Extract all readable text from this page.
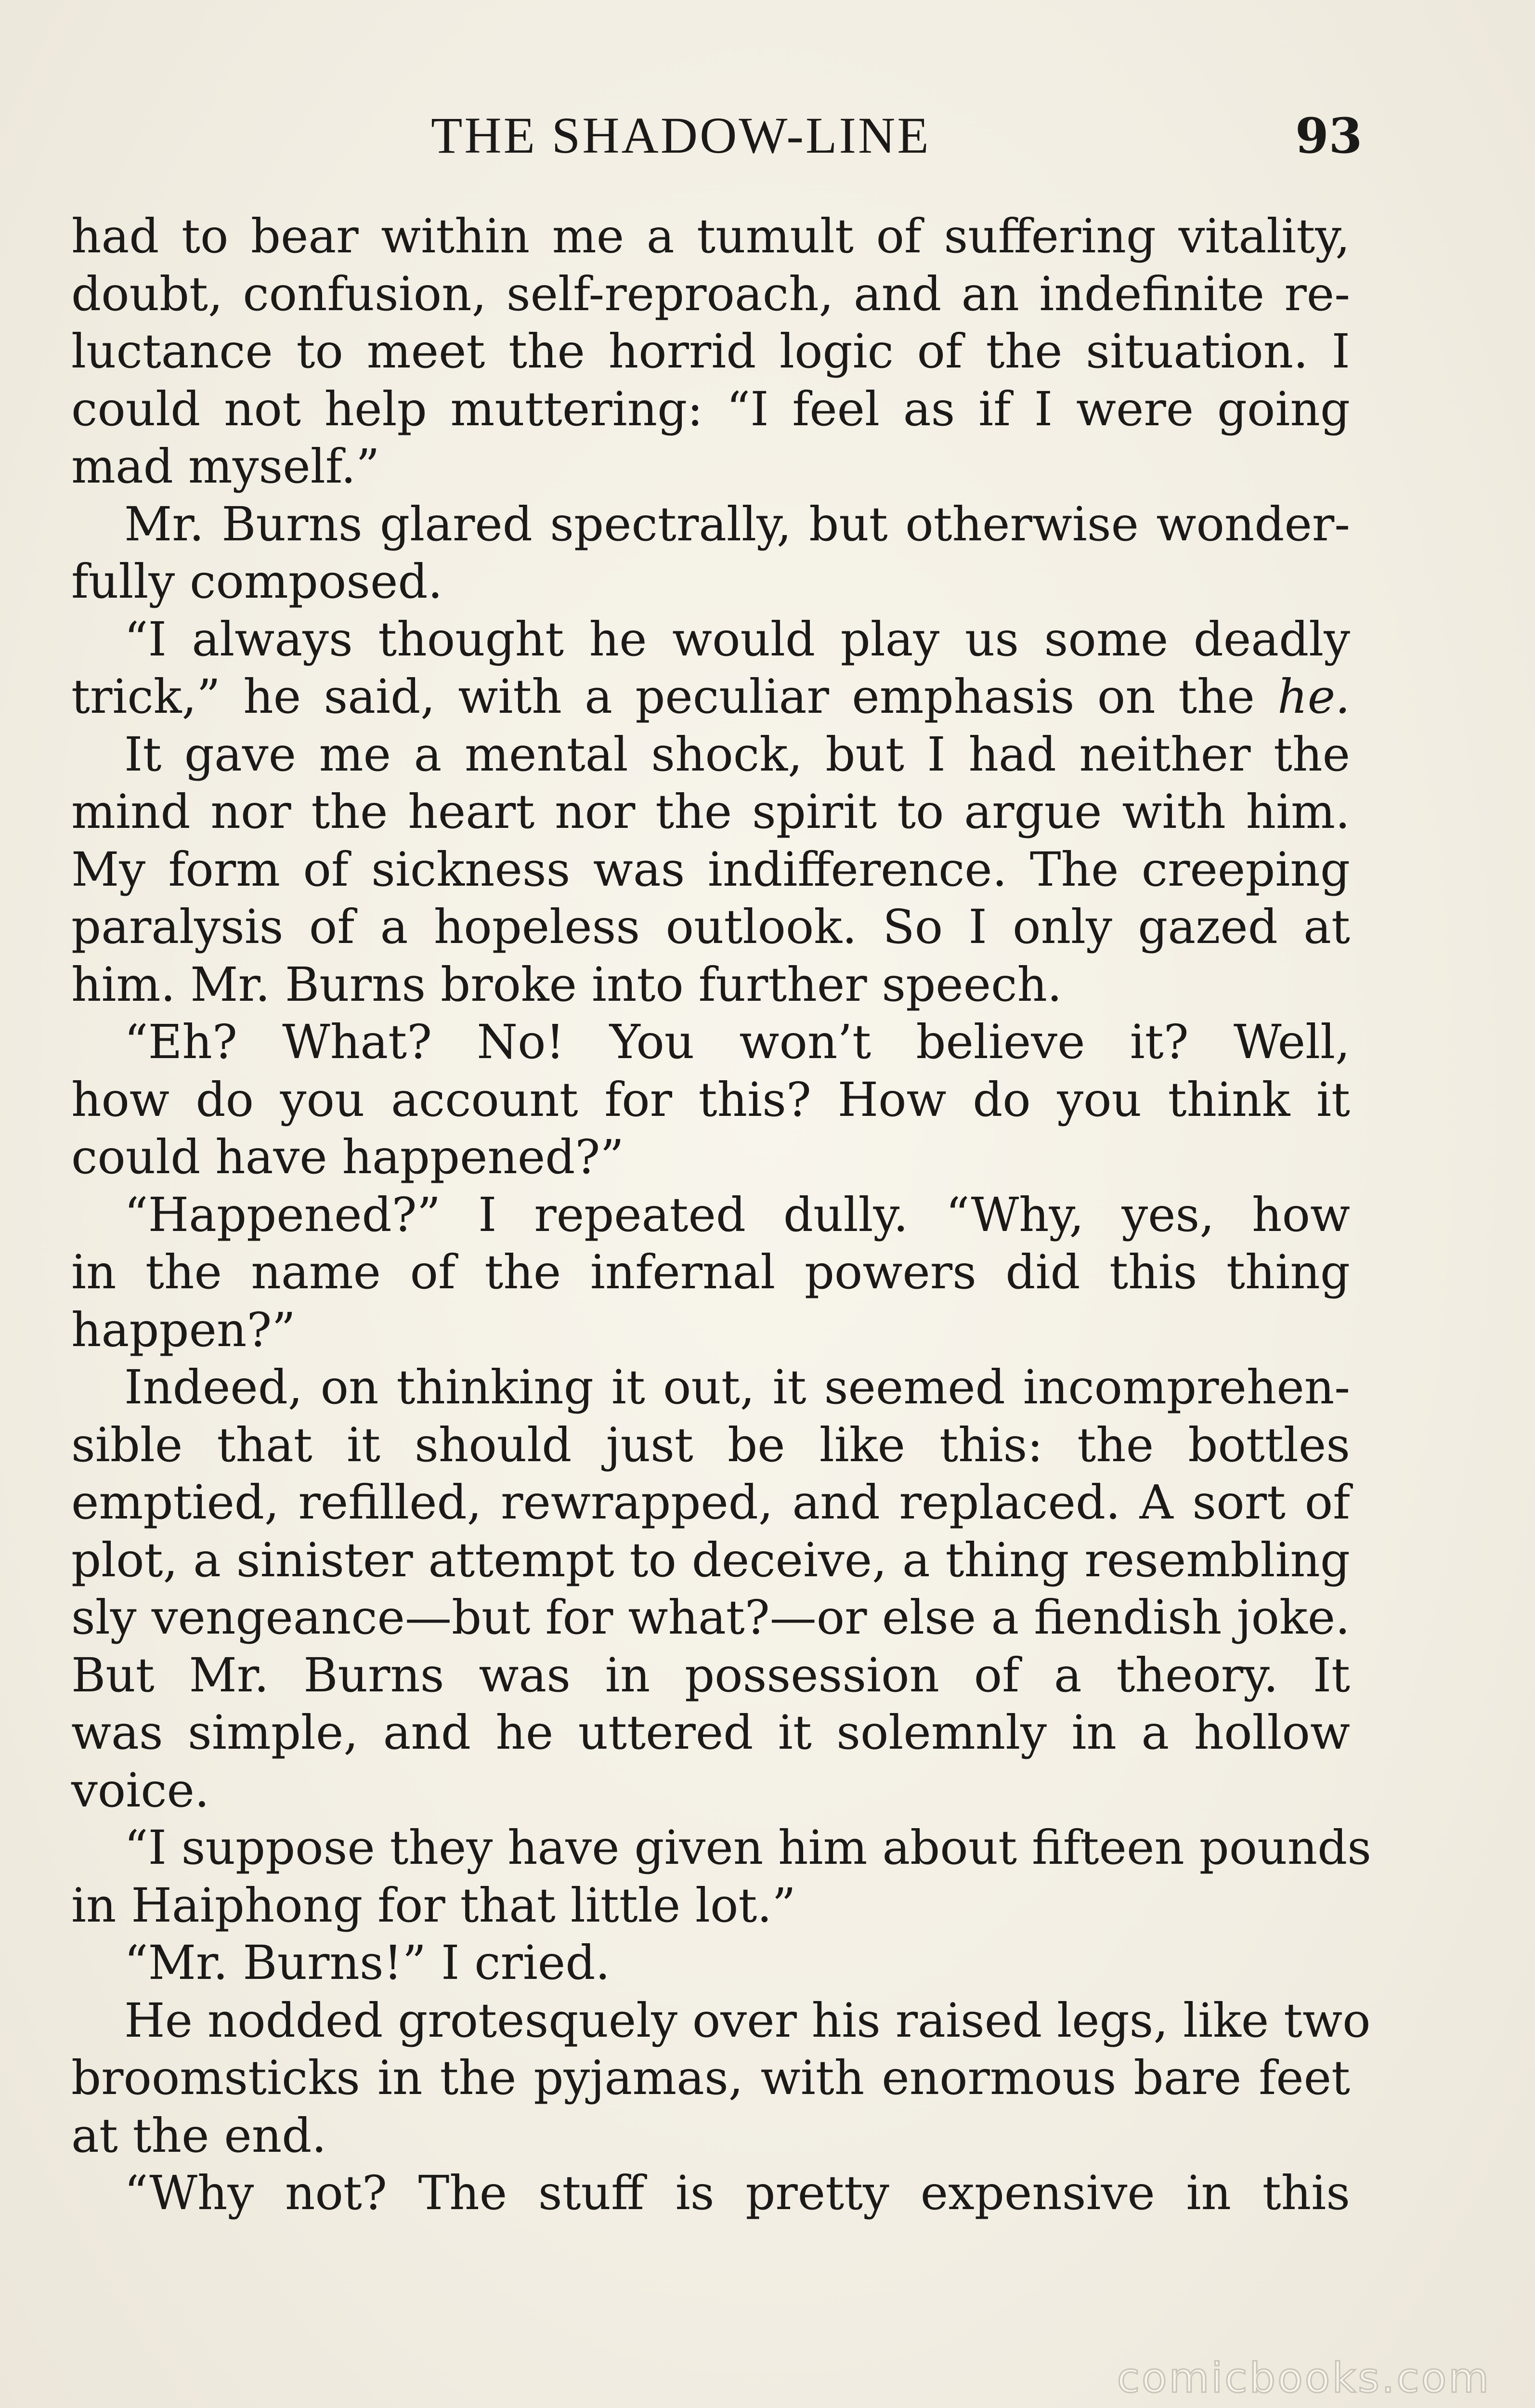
THE SHADOW-LINE	93
had to bear within me a tumult of suffering vitality,
doubt, confusion, self-reproach, and an indefinite re-
luctance to meet the horrid logic of the situation. I
could not help muttering: “I feel as if I were going
mad myself.”
Mr. Burns glared spectrally, but otherwise wonder-
fully composed.
“I always thought he would play us some deadly
trick,” he said, with a peculiar emphasis on the he.
It gave me a mental shock, but I had neither the
mind nor the heart nor the spirit to argue with him.
My form of sickness was indifference. The creeping
paralysis of a hopeless outlook. So I only gazed at
him. Mr. Burns broke into further speech.
“Eh? What? No! You won’t believe it? Well,
how do you account for this? How do you think it
could have happened?”
“Happened?” I repeated dully. “Why, yes, how
in the name of the infernal powers did this thing
happen?”
Indeed, on thinking it out, it seemed incomprehen-
sible that it should just be like this: the bottles
emptied, refilled, rewrapped, and replaced. A sort of
plot, a sinister attempt to deceive, a thing resembling
sly vengeance—but for what?—or else a fiendish joke.
But Mr. Burns was in possession of a theory. It
was simple, and he uttered it solemnly in a hollow
voice.
“I suppose they have given him about fifteen pounds
in Haiphong for that little lot.”
“Mr. Burns!” I cried.
He nodded grotesquely over his raised legs, like two
broomsticks in the pyjamas, with enormous bare feet
at the end.
“Why not? The stuff is pretty expensive in this
comicbooks.com
